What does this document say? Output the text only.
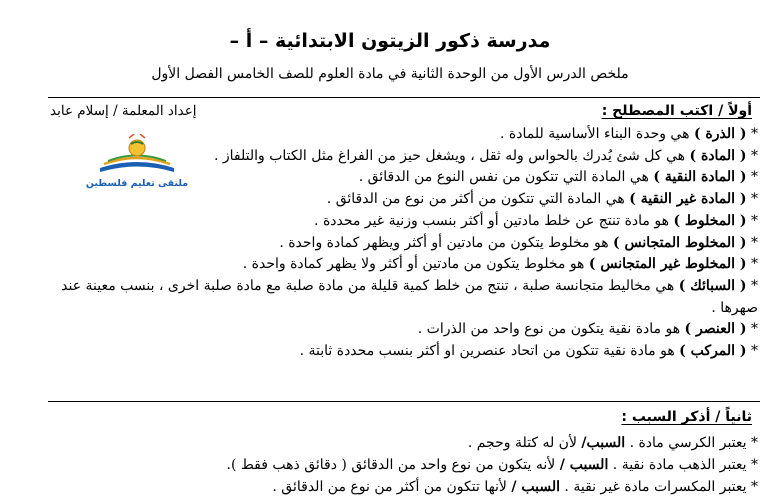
مدرسة ذكور الزيتون الابتدائية – أ –
ملخص الدرس الأول من الوحدة الثانية في مادة العلوم للصف الخامس الفصل الأول
أولاً / اكتب المصطلح :
إعداد المعلمة / إسلام عابد
ملتقى تعليم فلسطين
* ( الذرة ) هي وحدة البناء الأساسية للمادة .
* ( المادة ) هي كل شئ يُدرك بالحواس وله ثقل ، ويشغل حيز من الفراغ مثل الكتاب والتلفاز .
* ( المادة النقية ) هي المادة التي تتكون من نفس النوع من الدقائق .
* ( المادة غير النقية ) هي المادة التي تتكون من أكثر من نوع من الدقائق .
* ( المخلوط ) هو مادة تنتج عن خلط مادتين أو أكثر بنسب وزنية غير محددة .
* ( المخلوط المتجانس ) هو مخلوط يتكون من مادتين أو أكثر ويظهر كمادة واحدة .
* ( المخلوط غير المتجانس ) هو مخلوط يتكون من مادتين أو أكثر ولا يظهر كمادة واحدة .
* ( السبائك ) هي مخاليط متجانسة صلبة ، تنتج من خلط كمية قليلة من مادة صلبة مع مادة صلبة اخرى ، بنسب معينة عند صهرها .
* ( العنصر ) هو مادة نقية يتكون من نوع واحد من الذرات .
* ( المركب ) هو مادة نقية تتكون من اتحاد عنصرين او أكثر بنسب محددة ثابتة .
ثانياً / أذكر السبب :
* يعتبر الكرسي مادة . السبب/ لأن له كتلة وحجم .
* يعتبر الذهب مادة نقية . السبب / لأنه يتكون من نوع واحد من الدقائق ( دقائق ذهب فقط ).
* يعتبر المكسرات مادة غير نقية . السبب / لأنها تتكون من أكثر من نوع من الدقائق .
